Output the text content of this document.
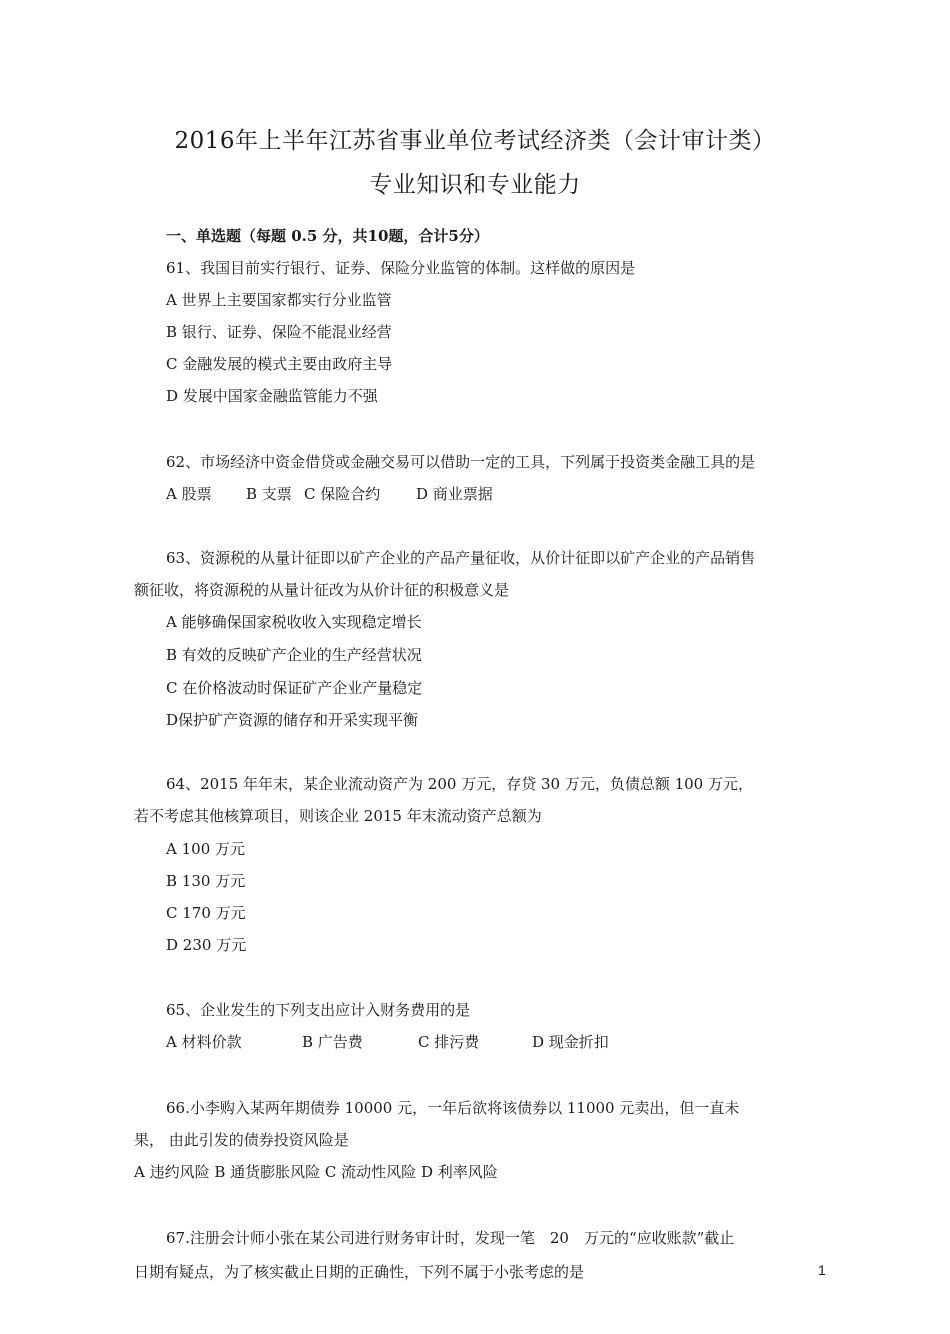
2016年上半年江苏省事业单位考试经济类（会计审计类）
专业知识和专业能力
一、单选题（每题 0.5 分，共10题，合计5分）
61、我国目前实行银行、证券、保险分业监管的体制。这样做的原因是
A 世界上主要国家都实行分业监管
B 银行、证券、保险不能混业经营
C 金融发展的模式主要由政府主导
D 发展中国家金融监管能力不强
62、市场经济中资金借贷或金融交易可以借助一定的工具，下列属于投资类金融工具的是
A 股票 B 支票 C 保险合约 D 商业票据
63、资源税的从量计征即以矿产企业的产品产量征收，从价计征即以矿产企业的产品销售
额征收，将资源税的从量计征改为从价计征的积极意义是
A 能够确保国家税收收入实现稳定增长
B 有效的反映矿产企业的生产经营状况
C 在价格波动时保证矿产企业产量稳定
D保护矿产资源的储存和开采实现平衡
64、2015 年年末，某企业流动资产为 200 万元，存贷 30 万元，负债总额 100 万元，
若不考虑其他核算项目，则该企业 2015 年末流动资产总额为
A 100 万元
B 130 万元
C 170 万元
D 230 万元
65、企业发生的下列支出应计入财务费用的是
A 材料价款	B 广告费	C 排污费	D 现金折扣
66.小李购入某两年期债券 10000 元，一年后欲将该债券以 11000 元卖出，但一直未
果， 由此引发的债券投资风险是
A 违约风险 B 通货膨胀风险 C 流动性风险 D 利率风险
67.注册会计师小张在某公司进行财务审计时，发现一笔　20　万元的“应收账款”截止
日期有疑点，为了核实截止日期的正确性，下列不属于小张考虑的是	1
